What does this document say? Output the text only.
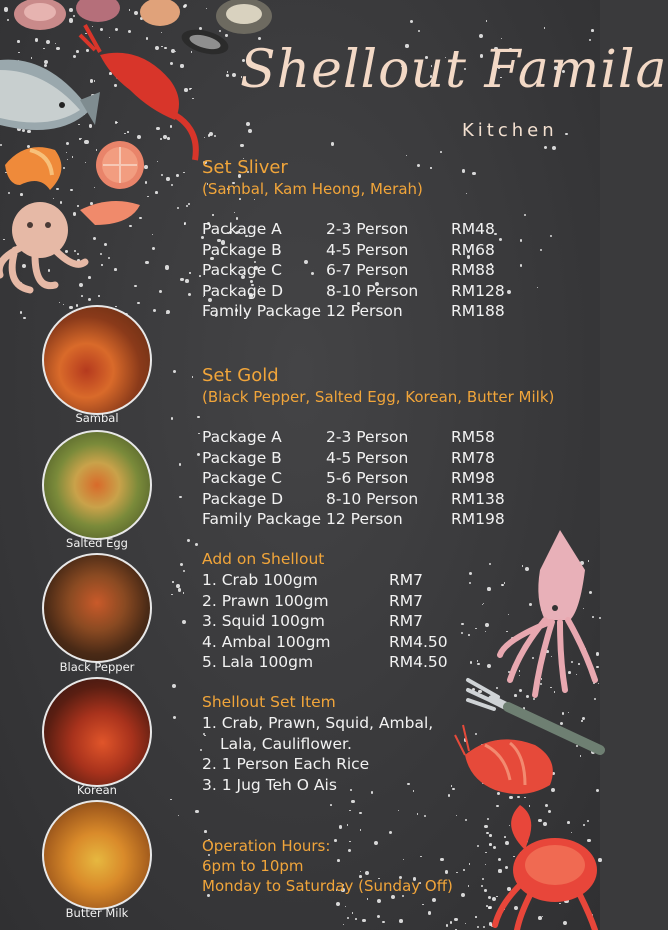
Shellout Famila
Kitchen
Set Sliver
(Sambal, Kam Heong, Merah)
Package A	2-3 Person	RM48
Package B	4-5 Person	RM68
Package C	6-7 Person	RM88
Package D	8-10 Person RM128
Family Package 12 Person	RM188
Set Gold
(Black Pepper, Salted Egg, Korean, Butter Milk)
Package A	2-3 Person	RM58
Package B	4-5 Person	RM78
Package C	5-6 Person	RM98
Package D	8-10 Person RM138
Family Package 12 Person	RM198
Add on Shellout
1. Crab 100gm	RM7
2. Prawn 100gm	RM7
3. Squid 100gm	RM7
4. Ambal 100gm	RM4.50
5. Lala 100gm	RM4.50
Shellout Set Item
1. Crab, Prawn, Squid, Ambal,
Lala, Cauliflower.
2. 1 Person Each Rice
3. 1 Jug Teh O Ais
Operation Hours:
6pm to 10pm
Monday to Saturday (Sunday Off)
Sambal
Salted Egg
Black Pepper
Korean
Butter Milk
